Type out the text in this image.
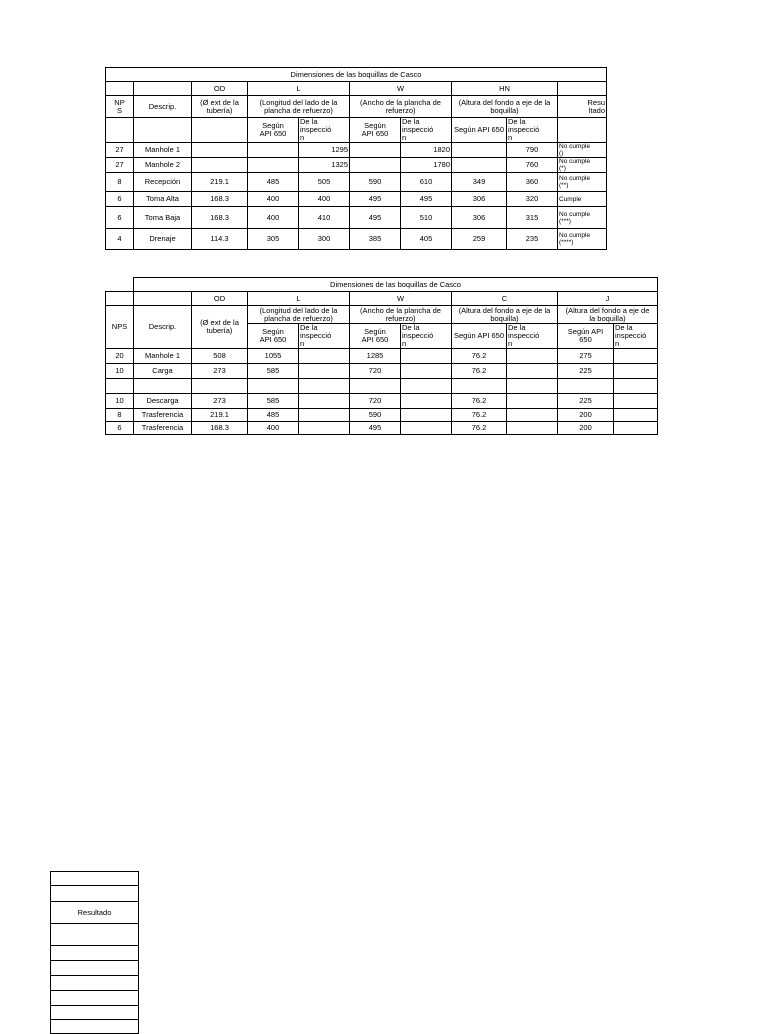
Dimensiones de las boquillas de Casco									
		OD	L		W		HN		
NP
S	Descrip.	(Ø ext de la
tubería)	(Longitud del lado de la
plancha de refuerzo)		(Ancho de la plancha de
refuerzo)		(Altura del fondo a eje de la
boquilla)		Resu
ltado
			Según
API 650	De la
inspecció
n	Según
API 650	De la
inspecció
n	Según API 650	De la
inspecció
n	
27	Manhole 1			1295		1820		790	No cumple
()
27	Manhole 2			1325		1780		760	No cumple
(*)
8	Recepción	219.1	485	505	590	610	349	360	No cumple
(**)
6	Toma Alta	168.3	400	400	495	495	306	320	Cumple
6	Toma Baja	168.3	400	410	495	510	306	315	No cumple
(***)
4	Drenaje	114.3	305	300	385	405	259	235	No cumple
(****)
	Dimensiones de las boquillas de Casco									
		OD	L		W		C		J	
NPS	Descrip.	(Ø ext de la
tubería)	(Longitud del lado de la
plancha de refuerzo)		(Ancho de la plancha de
refuerzo)		(Altura del fondo a eje de la
boquilla)		(Altura del fondo a eje de
la boquilla)	
			Según
API 650	De la
inspecció
n	Según
API 650	De la
inspecció
n	Según API 650	De la
inspecció
n	Según API
650	De la
inspecció
n
20	Manhole 1	508	1055		1285		76.2		275	
10	Carga	273	585		720		76.2		225	

10	Descarga	273	585		720		76.2		225	
8	Trasferencia	219.1	485		590		76.2		200	
6	Trasferencia	168.3	400		495		76.2		200	

Resultado
